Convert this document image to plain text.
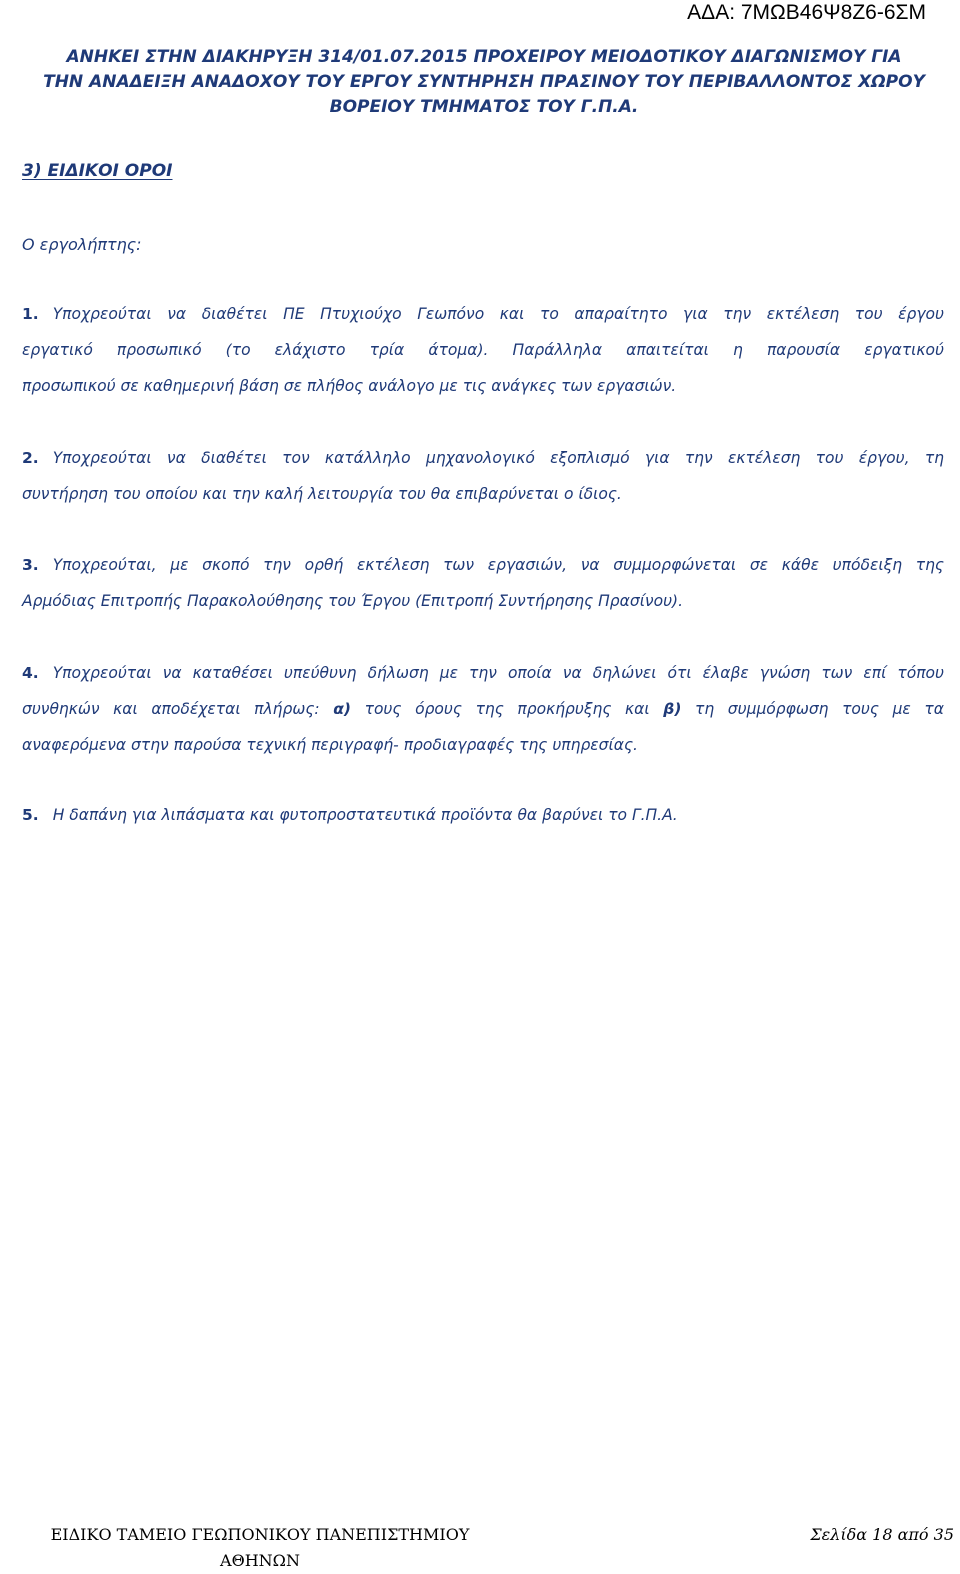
ΑΔΑ: 7ΜΩΒ46Ψ8Ζ6-6ΣΜ
ΑΝΗΚΕΙ ΣΤΗΝ ΔΙΑΚΗΡΥΞΗ 314/01.07.2015 ΠΡΟΧΕΙΡΟΥ ΜΕΙΟΔΟΤΙΚΟΥ ΔΙΑΓΩΝΙΣΜΟΥ ΓΙΑ
ΤΗΝ ΑΝΑΔΕΙΞΗ ΑΝΑΔΟΧΟΥ ΤΟΥ ΕΡΓΟΥ ΣΥΝΤΗΡΗΣΗ ΠΡΑΣΙΝΟΥ ΤΟΥ ΠΕΡΙΒΑΛΛΟΝΤΟΣ ΧΩΡΟΥ
ΒΟΡΕΙΟΥ ΤΜΗΜΑΤΟΣ ΤΟΥ Γ.Π.Α.
3) ΕΙΔΙΚΟΙ ΟΡΟΙ
Ο εργολήπτης:
1. Υποχρεούται να διαθέτει ΠΕ Πτυχιούχο Γεωπόνο και το απαραίτητο για την εκτέλεση του έργου
εργατικό προσωπικό (το ελάχιστο τρία άτομα). Παράλληλα απαιτείται η παρουσία εργατικού
προσωπικού σε καθημερινή βάση σε πλήθος ανάλογο με τις ανάγκες των εργασιών.
2. Υποχρεούται να διαθέτει τον κατάλληλο μηχανολογικό εξοπλισμό για την εκτέλεση του έργου, τη
συντήρηση του οποίου και την καλή λειτουργία του θα επιβαρύνεται ο ίδιος.
3. Υποχρεούται, με σκοπό την ορθή εκτέλεση των εργασιών, να συμμορφώνεται σε κάθε υπόδειξη της
Αρμόδιας Επιτροπής Παρακολούθησης του Έργου (Επιτροπή Συντήρησης Πρασίνου).
4. Υποχρεούται να καταθέσει υπεύθυνη δήλωση με την οποία να δηλώνει ότι έλαβε γνώση των επί τόπου
συνθηκών και αποδέχεται πλήρως: α) τους όρους της προκήρυξης και β) τη συμμόρφωση τους με τα
αναφερόμενα στην παρούσα τεχνική περιγραφή- προδιαγραφές της υπηρεσίας.
5. Η δαπάνη για λιπάσματα και φυτοπροστατευτικά προϊόντα θα βαρύνει το Γ.Π.Α.
ΕΙΔΙΚΟ ΤΑΜΕΙΟ ΓΕΩΠΟΝΙΚΟΥ ΠΑΝΕΠΙΣΤΗΜΙΟΥ
ΑΘΗΝΩΝ
Σελίδα 18 από 35
